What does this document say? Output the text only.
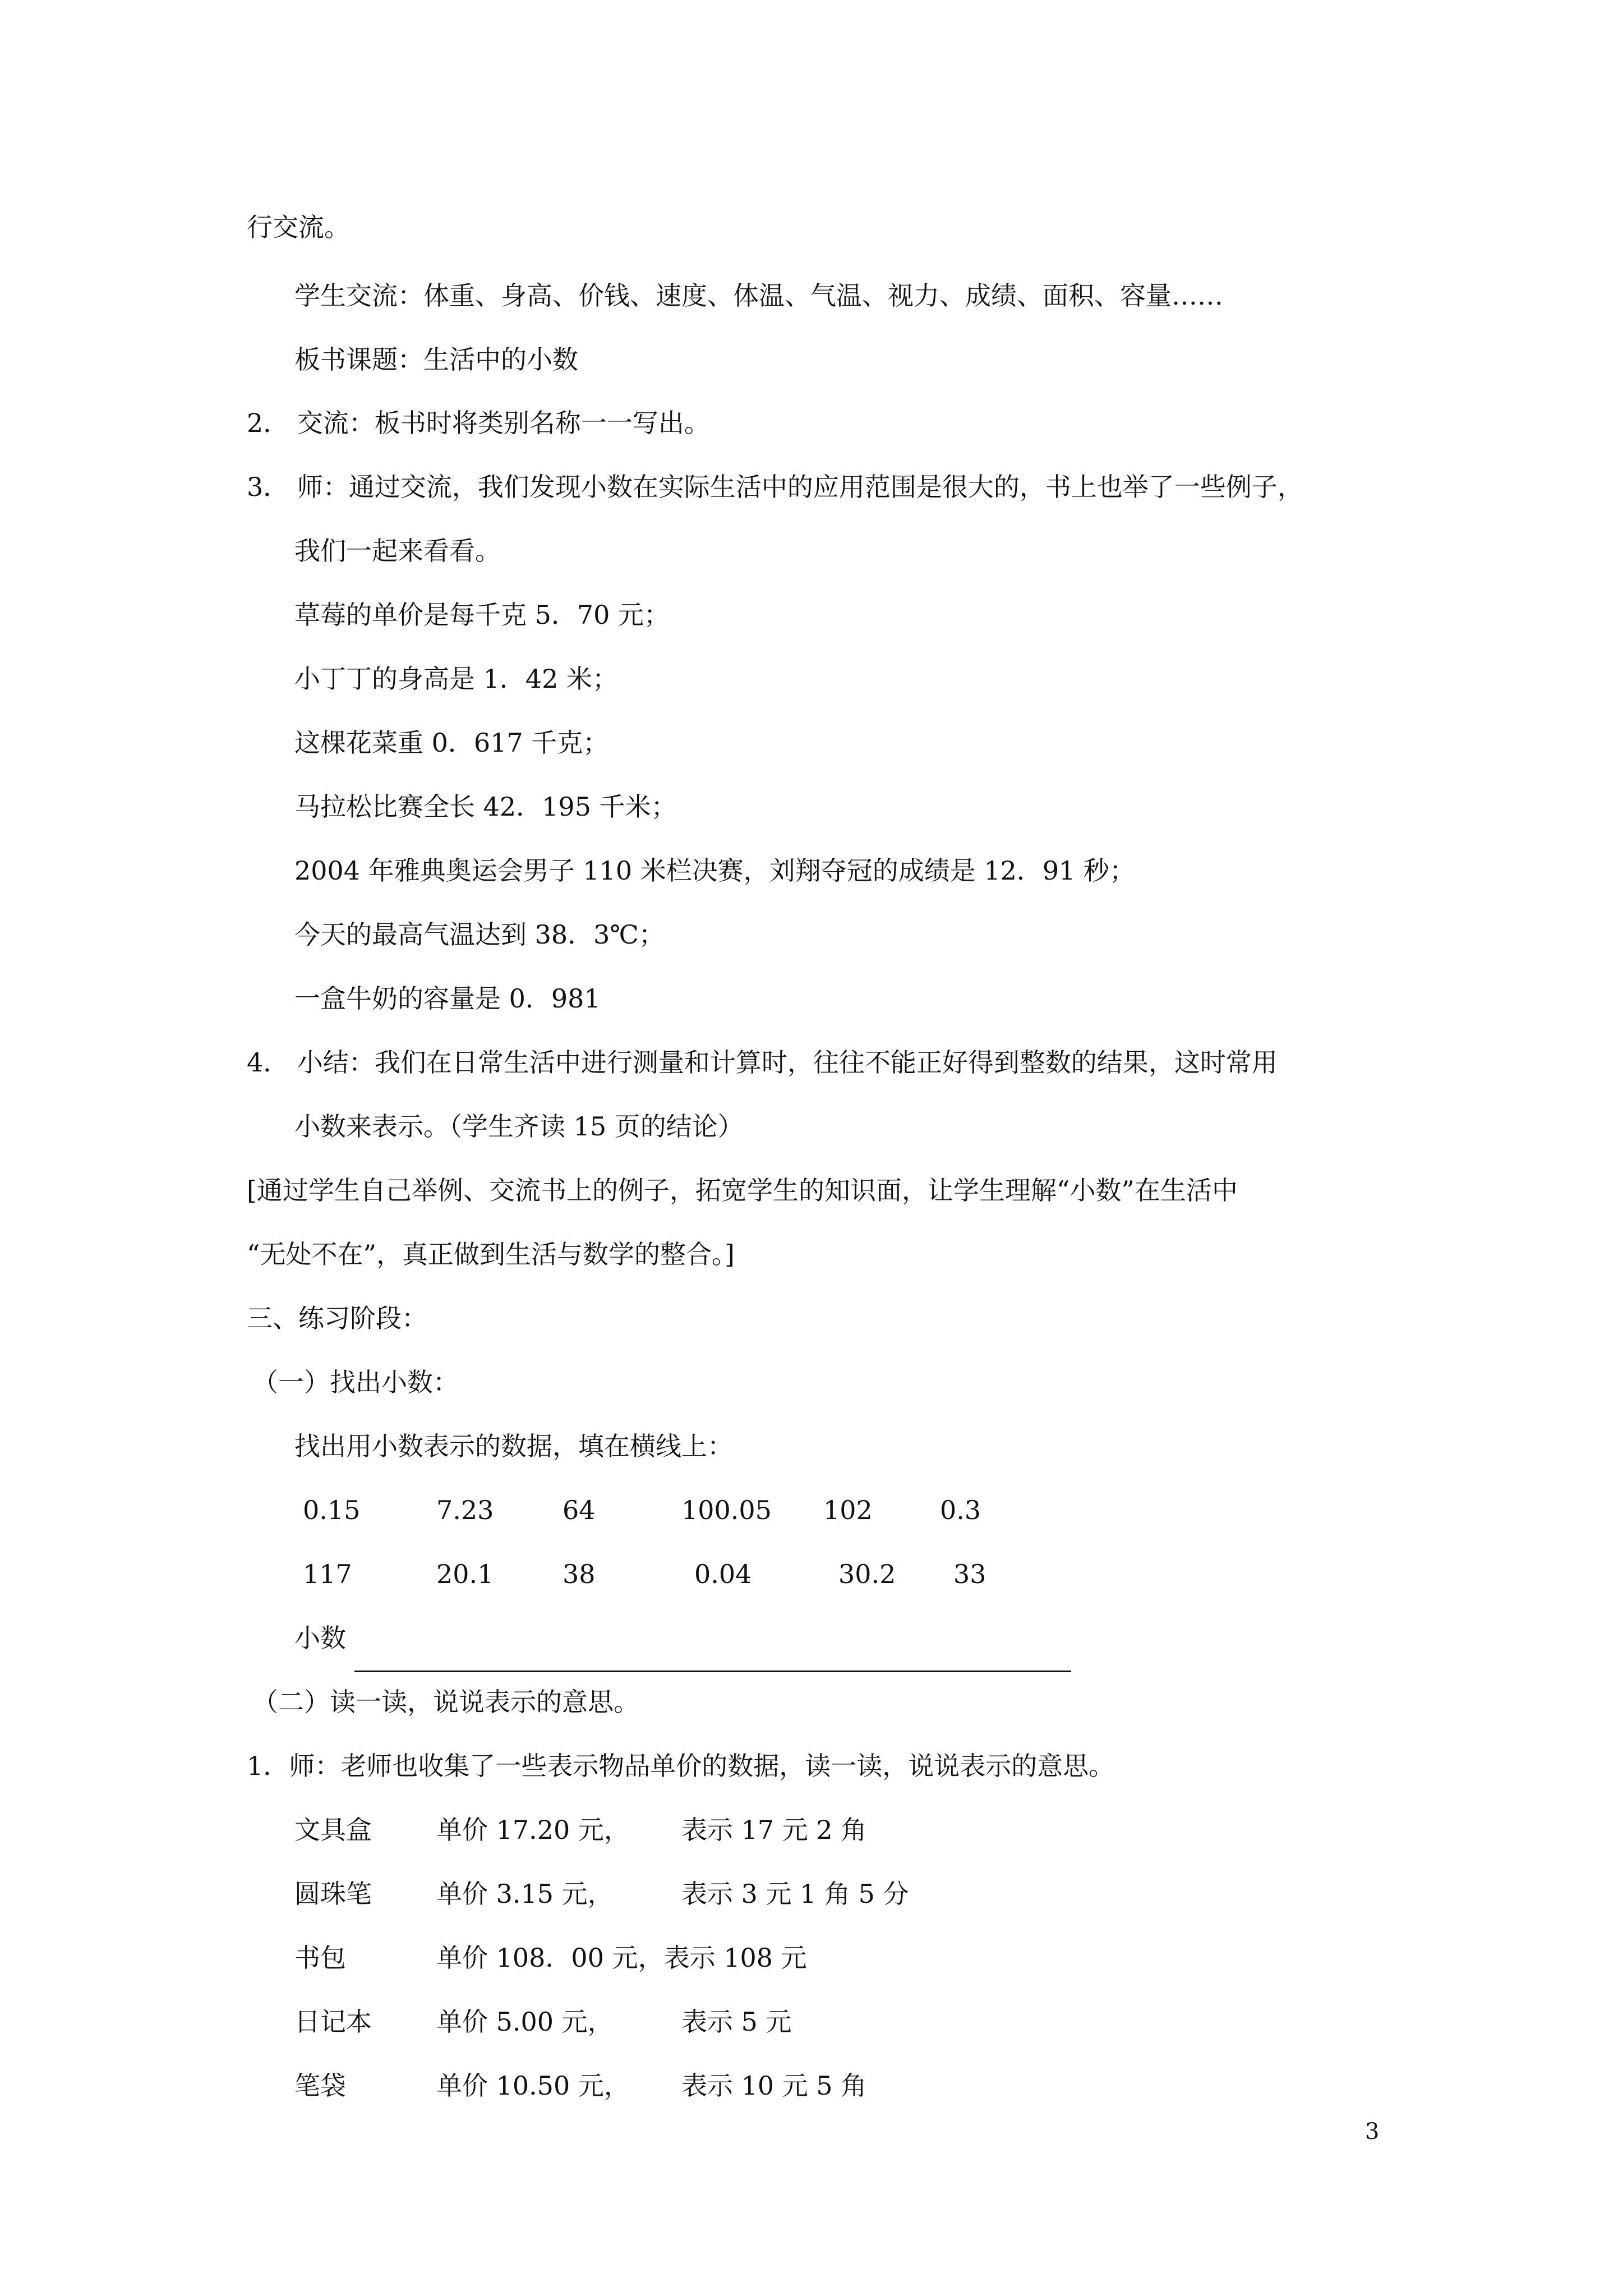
行交流。

学生交流：体重、身高、价钱、速度、体温、气温、视力、成绩、面积、容量……

板书课题：生活中的小数

2． 交流：板书时将类别名称一一写出。

3． 师：通过交流，我们发现小数在实际生活中的应用范围是很大的，书上也举了一些例子，

我们一起来看看。

草莓的单价是每千克 5．70 元；

小丁丁的身高是 1．42 米；

这棵花菜重 0．617 千克；

马拉松比赛全长 42．195 千米；

2004 年雅典奥运会男子 110 米栏决赛，刘翔夺冠的成绩是 12．91 秒；

今天的最高气温达到 38．3℃；

一盒牛奶的容量是 0．981

4． 小结：我们在日常生活中进行测量和计算时，往往不能正好得到整数的结果，这时常用

小数来表示。（学生齐读 15 页的结论）

[通过学生自己举例、交流书上的例子，拓宽学生的知识面，让学生理解“小数”在生活中

“无处不在”，真正做到生活与数学的整合。]

三、练习阶段：

（一）找出小数：

找出用小数表示的数据，填在横线上：

0.15	7.23	64	100.05 102	0.3
117	20.1	38	0.04	30.2 33

小数

（二）读一读，说说表示的意思。

1．师：老师也收集了一些表示物品单价的数据，读一读，说说表示的意思。

文具盒	单价 17.20 元， 表示 17 元 2 角
圆珠笔	单价 3.15 元，	表示 3 元 1 角 5 分
书包	单价 108．00 元，表示 108 元
日记本	单价 5.00 元，	表示 5 元
笔袋	单价 10.50 元， 表示 10 元 5 角
3
